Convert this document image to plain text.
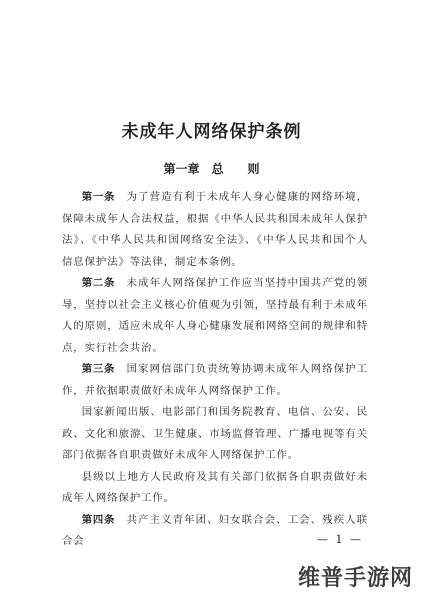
未成年人网络保护条例
第一章　总　　则

第一条　 为了营造有利于未成年人身心健康的网络环境，保障未成年人合法权益，根据《中华人民共和国未成年人保护法》、《中华人民共和国网络安全法》、《中华人民共和国个人信息保护法》等法律，制定本条例。

第二条　 未成年人网络保护工作应当坚持中国共产党的领导，坚持以社会主义核心价值观为引领，坚持最有利于未成年人的原则，适应未成年人身心健康发展和网络空间的规律和特点，实行社会共治。

第三条　 国家网信部门负责统筹协调未成年人网络保护工作，并依据职责做好未成年人网络保护工作。

国家新闻出版、电影部门和国务院教育、电信、公安、民政、文化和旅游、卫生健康、市场监督管理、广播电视等有关部门依据各自职责做好未成年人网络保护工作。

县级以上地方人民政府及其有关部门依据各自职责做好未成年人网络保护工作。

第四条　 共产主义青年团、妇女联合会、工会、残疾人联合会	— 1 —
维普手游网
